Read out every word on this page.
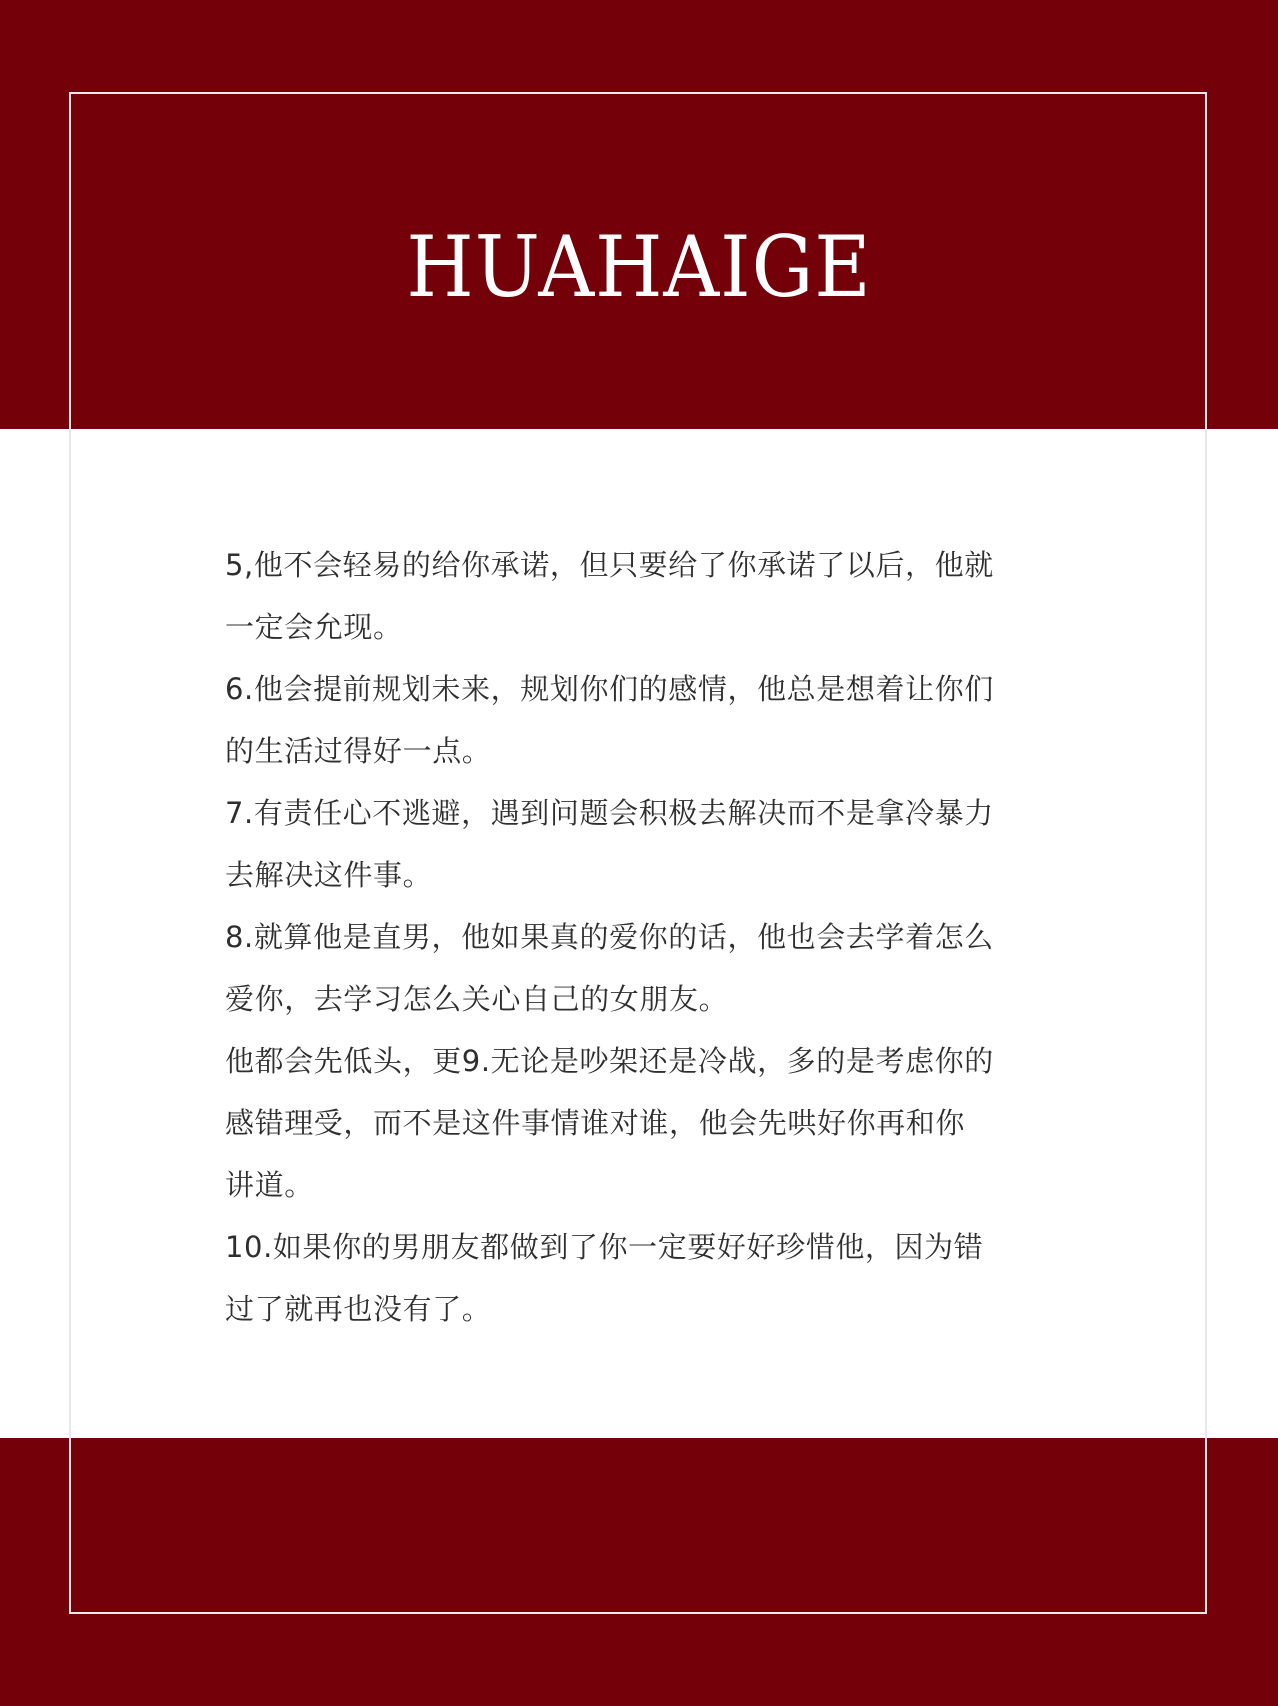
HUAHAIGE

5,他不会轻易的给你承诺，但只要给了你承诺了以后，他就
一定会允现。

6.他会提前规划未来，规划你们的感情，他总是想着让你们
的生活过得好一点。

7.有责任心不逃避，遇到问题会积极去解决而不是拿冷暴力
去解决这件事。

8.就算他是直男，他如果真的爱你的话，他也会去学着怎么
爱你，去学习怎么关心自己的女朋友。

他都会先低头，更9.无论是吵架还是冷战，多的是考虑你的
感错理受，而不是这件事情谁对谁，他会先哄好你再和你
讲道。

10.如果你的男朋友都做到了你一定要好好珍惜他，因为错
过了就再也没有了。
